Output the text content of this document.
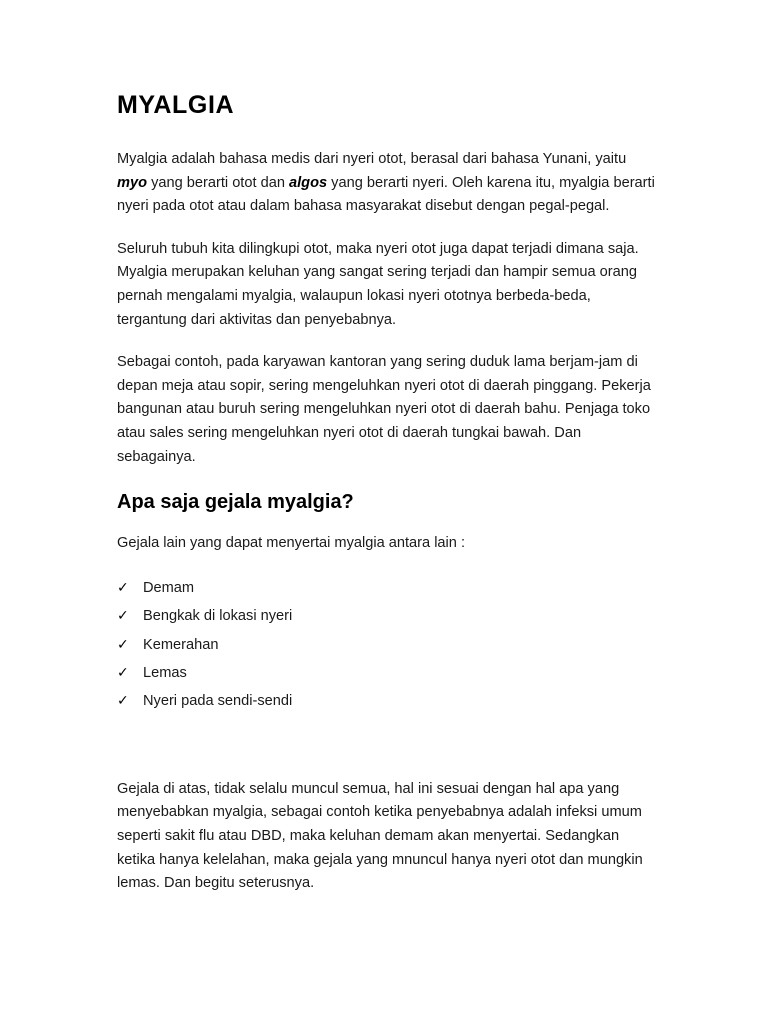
MYALGIA

Myalgia adalah bahasa medis dari nyeri otot, berasal dari bahasa Yunani, yaitu myo yang berarti otot dan algos yang berarti nyeri. Oleh karena itu, myalgia berarti nyeri pada otot atau dalam bahasa masyarakat disebut dengan pegal-pegal.

Seluruh tubuh kita dilingkupi otot, maka nyeri otot juga dapat terjadi dimana saja. Myalgia merupakan keluhan yang sangat sering terjadi dan hampir semua orang pernah mengalami myalgia, walaupun lokasi nyeri ototnya berbeda-beda, tergantung dari aktivitas dan penyebabnya.

Sebagai contoh, pada karyawan kantoran yang sering duduk lama berjam-jam di depan meja atau sopir, sering mengeluhkan nyeri otot di daerah pinggang. Pekerja bangunan atau buruh sering mengeluhkan nyeri otot di daerah bahu. Penjaga toko atau sales sering mengeluhkan nyeri otot di daerah tungkai bawah. Dan sebagainya.

Apa saja gejala myalgia?

Gejala lain yang dapat menyertai myalgia antara lain :

✓ Demam
✓ Bengkak di lokasi nyeri
✓ Kemerahan
✓ Lemas
✓ Nyeri pada sendi-sendi

Gejala di atas, tidak selalu muncul semua, hal ini sesuai dengan hal apa yang menyebabkan myalgia, sebagai contoh ketika penyebabnya adalah infeksi umum seperti sakit flu atau DBD, maka keluhan demam akan menyertai. Sedangkan ketika hanya kelelahan, maka gejala yang mnuncul hanya nyeri otot dan mungkin lemas. Dan begitu seterusnya.
